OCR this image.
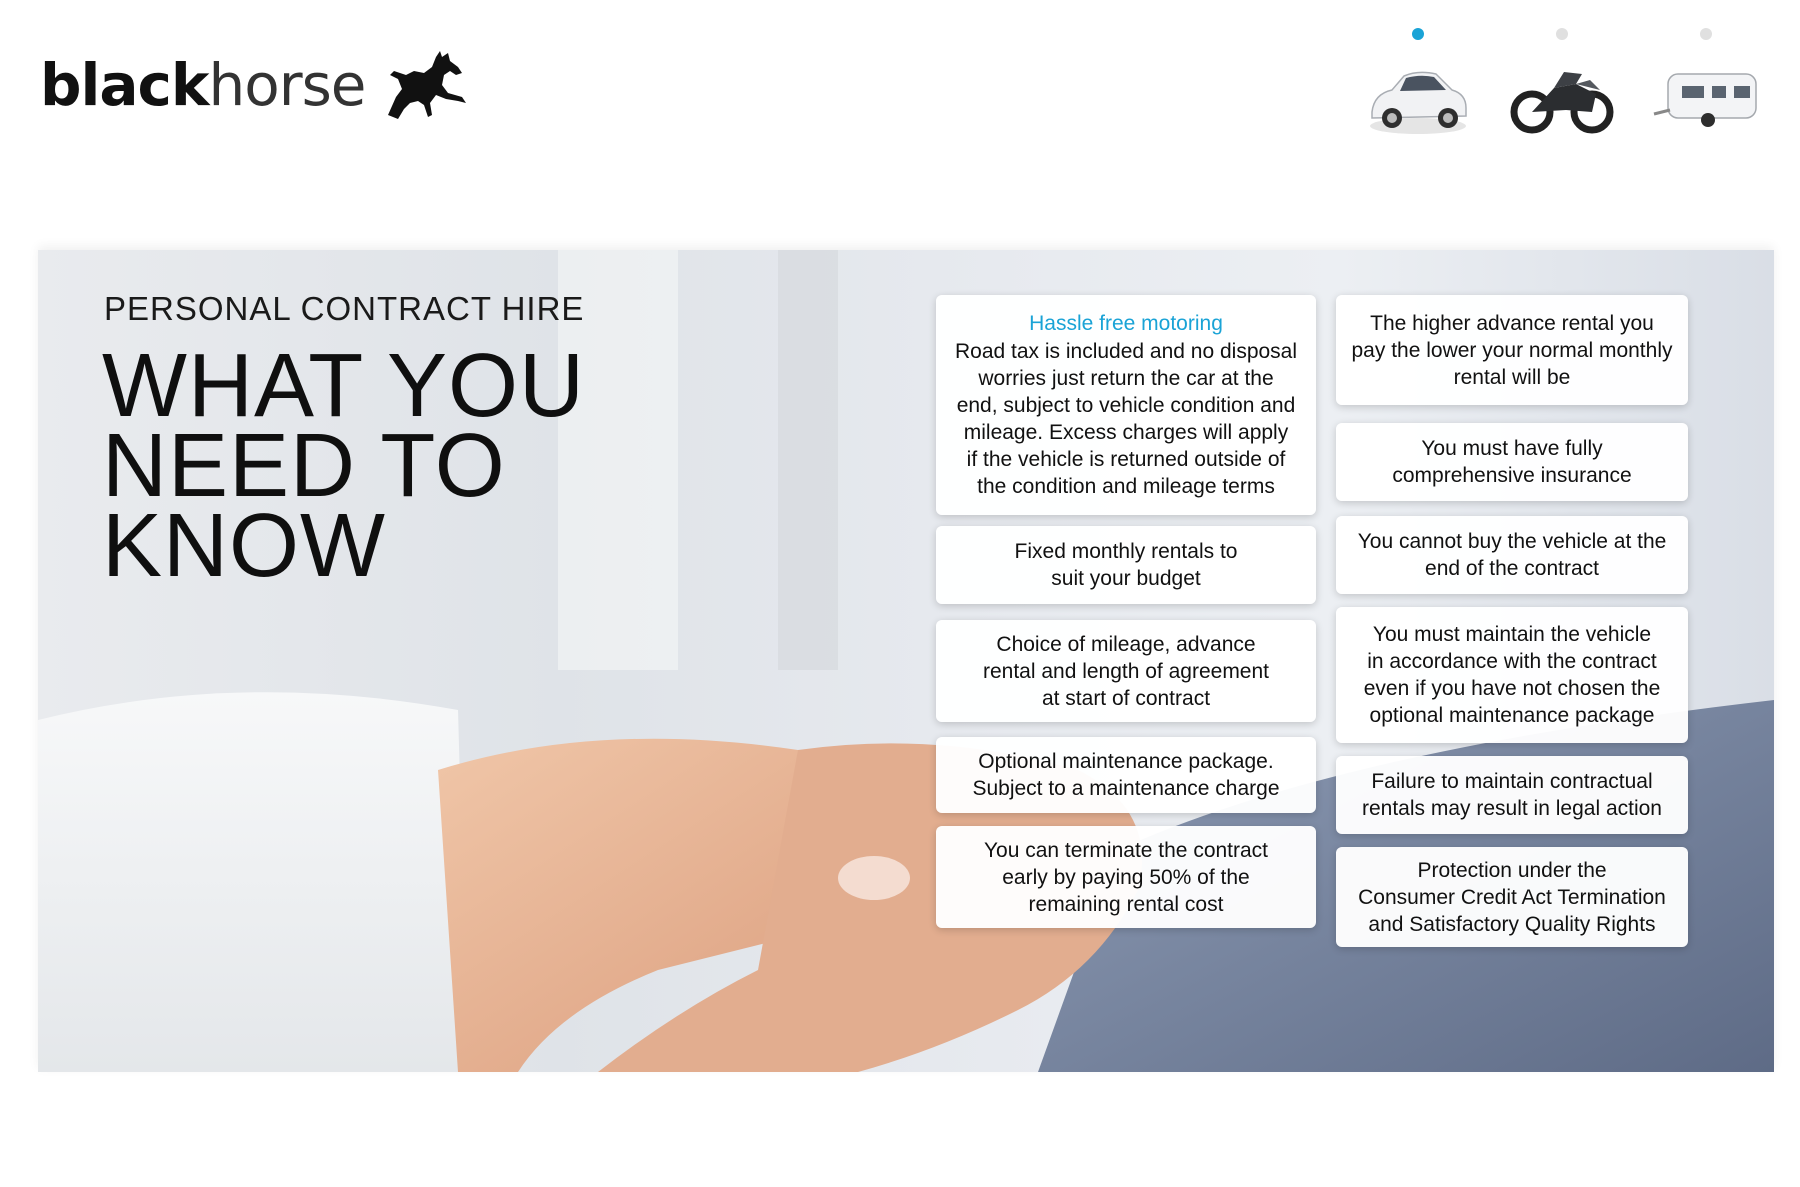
blackhorse
PERSONAL CONTRACT HIRE
WHAT YOU
NEED TO
KNOW
Hassle free motoring
Road tax is included and no disposal
worries just return the car at the
end, subject to vehicle condition and
mileage. Excess charges will apply
if the vehicle is returned outside of
the condition and mileage terms
Fixed monthly rentals to
suit your budget
Choice of mileage, advance
rental and length of agreement
at start of contract
Optional maintenance package.
Subject to a maintenance charge
You can terminate the contract
early by paying 50% of the
remaining rental cost
The higher advance rental you
pay the lower your normal monthly
rental will be
You must have fully
comprehensive insurance
You cannot buy the vehicle at the
end of the contract
You must maintain the vehicle
in accordance with the contract
even if you have not chosen the
optional maintenance package
Failure to maintain contractual
rentals may result in legal action
Protection under the
Consumer Credit Act Termination
and Satisfactory Quality Rights
